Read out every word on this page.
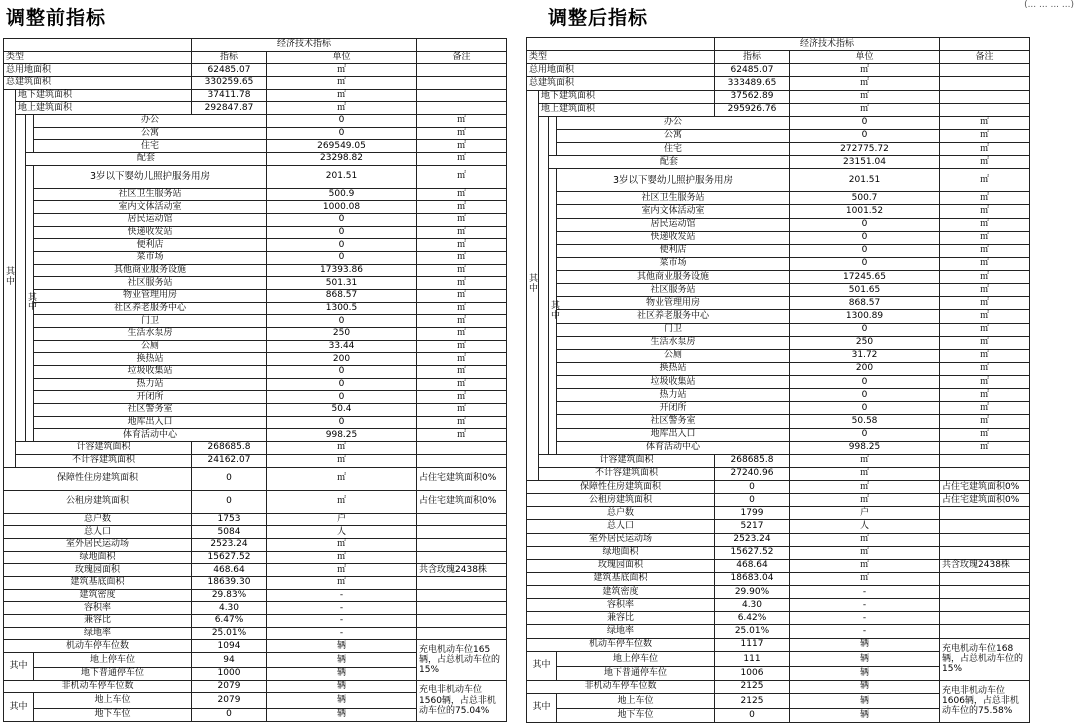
调整前指标	调整后指标
(... ... ... ...)
				经济技术指标			
类型				指标	单位	备注	
总用地面积				62485.07	㎡		
总建筑面积				330259.65	㎡		
其
中	地下建筑面积			37411.78	㎡		
	地上建筑面积			292847.87	㎡		
			办公		0	㎡	
			公寓		0	㎡	
			住宅		269549.05	㎡	
		配套			23298.82	㎡	
		其
中	3岁以下婴幼儿照护服务用房		201.51	㎡	
			社区卫生服务站		500.9	㎡	
			室内文体活动室		1000.08	㎡	
			居民运动馆		0	㎡	
			快递收发站		0	㎡	
			便利店		0	㎡	
			菜市场		0	㎡	
			其他商业服务设施		17393.86	㎡	
			社区服务站		501.31	㎡	
			物业管理用房		868.57	㎡	
			社区养老服务中心		1300.5	㎡	
			门卫		0	㎡	
			生活水泵房		250	㎡	
			公厕		33.44	㎡	
			换热站		200	㎡	
			垃圾收集站		0	㎡	
			热力站		0	㎡	
			开闭所		0	㎡	
			社区警务室		50.4	㎡	
			地库出入口		0	㎡	
			体育活动中心		998.25	㎡	
	计容建筑面积			268685.8	㎡		
	不计容建筑面积			24162.07	㎡		
保障性住房建筑面积				0	㎡	占住宅建筑面积0%	
公租房建筑面积				0	㎡	占住宅建筑面积0%	
总户数				1753	户		
总人口				5084	人		
室外居民运动场				2523.24	㎡		
绿地面积				15627.52	㎡		
玫瑰园面积				468.64	㎡	共含玫瑰2438株	
建筑基底面积				18639.30	㎡		
建筑密度				29.83%	-		
容积率				4.30	-		
兼容比				6.47%	-		
绿地率				25.01%	-		
机动车停车位数				1094	辆	充电机动车位165辆，占总机动车位的15%	
其中			地上停车位	94	辆		
			地下普通停车位	1000	辆		
非机动车停车位数				2079	辆	充电非机动车位1560辆，占总非机动车位的75.04%	
其中			地上车位	2079	辆		
			地下车位	0	辆		
				经济技术指标			
类型				指标	单位	备注	
总用地面积				62485.07	㎡		
总建筑面积				333489.65	㎡		
其
中	地下建筑面积			37562.89	㎡		
	地上建筑面积			295926.76	㎡		
			办公		0	㎡	
			公寓		0	㎡	
			住宅		272775.72	㎡	
		配套			23151.04	㎡	
		其
中	3岁以下婴幼儿照护服务用房		201.51	㎡	
			社区卫生服务站		500.7	㎡	
			室内文体活动室		1001.52	㎡	
			居民运动馆		0	㎡	
			快递收发站		0	㎡	
			便利店		0	㎡	
			菜市场		0	㎡	
			其他商业服务设施		17245.65	㎡	
			社区服务站		501.65	㎡	
			物业管理用房		868.57	㎡	
			社区养老服务中心		1300.89	㎡	
			门卫		0	㎡	
			生活水泵房		250	㎡	
			公厕		31.72	㎡	
			换热站		200	㎡	
			垃圾收集站		0	㎡	
			热力站		0	㎡	
			开闭所		0	㎡	
			社区警务室		50.58	㎡	
			地库出入口		0	㎡	
			体育活动中心		998.25	㎡	
	计容建筑面积			268685.8	㎡		
	不计容建筑面积			27240.96	㎡		
保障性住房建筑面积				0	㎡	占住宅建筑面积0%	
公租房建筑面积				0	㎡	占住宅建筑面积0%	
总户数				1799	户		
总人口				5217	人		
室外居民运动场				2523.24	㎡		
绿地面积				15627.52	㎡		
玫瑰园面积				468.64	㎡	共含玫瑰2438株	
建筑基底面积				18683.04	㎡		
建筑密度				29.90%	-		
容积率				4.30	-		
兼容比				6.42%	-		
绿地率				25.01%	-		
机动车停车位数				1117	辆	充电机动车位168辆，占总机动车位的15%	
其中			地上停车位	111	辆		
			地下普通停车位	1006	辆		
非机动车停车位数				2125	辆	充电非机动车位1606辆，占总非机动车位的75.58%	
其中			地上车位	2125	辆		
			地下车位	0	辆		
